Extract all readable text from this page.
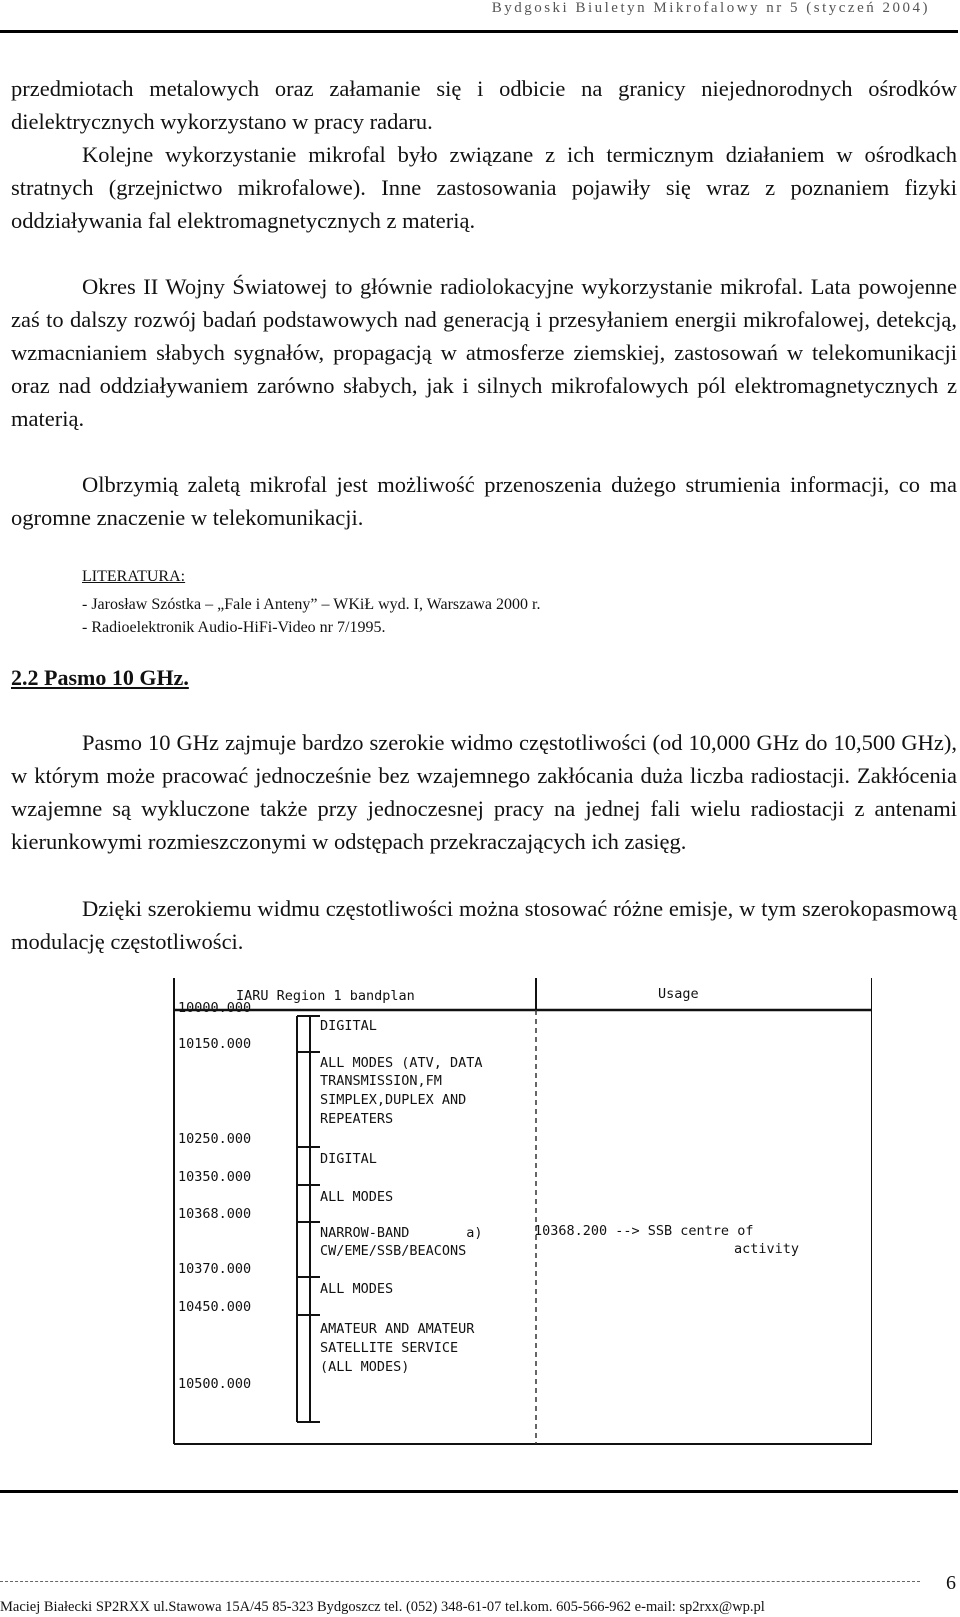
Bydgoski Biuletyn Mikrofalowy nr 5 (styczeń 2004)

przedmiotach metalowych oraz załamanie się i odbicie na granicy niejednorodnych ośrodków dielektrycznych wykorzystano w pracy radaru.

Kolejne wykorzystanie mikrofal było związane z ich termicznym działaniem w ośrodkach stratnych (grzejnictwo mikrofalowe). Inne zastosowania pojawiły się wraz z poznaniem fizyki oddziaływania fal elektromagnetycznych z materią.

Okres II Wojny Światowej to głównie radiolokacyjne wykorzystanie mikrofal. Lata powojenne zaś to dalszy rozwój badań podstawowych nad generacją i przesyłaniem energii mikrofalowej, detekcją, wzmacnianiem słabych sygnałów, propagacją w atmosferze ziemskiej, zastosowań w telekomunikacji oraz nad oddziaływaniem zarówno słabych, jak i silnych mikrofalowych pól elektromagnetycznych z materią.

Olbrzymią zaletą mikrofal jest możliwość przenoszenia dużego strumienia informacji, co ma ogromne znaczenie w telekomunikacji.

LITERATURA:
- Jarosław Szóstka – „Fale i Anteny” – WKiŁ wyd. I, Warszawa 2000 r.
- Radioelektronik Audio-HiFi-Video nr 7/1995.
2.2 Pasmo 10 GHz.

Pasmo 10 GHz zajmuje bardzo szerokie widmo częstotliwości (od 10,000 GHz do 10,500 GHz), w którym może pracować jednocześnie bez wzajemnego zakłócania duża liczba radiostacji. Zakłócenia wzajemne są wykluczone także przy jednoczesnej pracy na jednej fali wielu radiostacji z antenami kierunkowymi rozmieszczonymi w odstępach przekraczających ich zasięg.

Dzięki szerokiemu widmu częstotliwości można stosować różne emisje, w tym szerokopasmową modulację częstotliwości.

IARU Region 1 bandplan	Usage
10000.000
10150.000
10250.000
10350.000
10368.000
10370.000
10450.000
10500.000
DIGITAL
ALL MODES (ATV, DATA
TRANSMISSION,FM
SIMPLEX,DUPLEX AND
REPEATERS
DIGITAL
ALL MODES
NARROW-BAND       a)
CW/EME/SSB/BEACONS
ALL MODES
AMATEUR AND AMATEUR
SATELLITE SERVICE
(ALL MODES)
10368.200 --> SSB centre of
activity
Maciej Białecki SP2RXX ul.Stawowa 15A/45 85-323 Bydgoszcz tel. (052) 348-61-07 tel.kom. 605-566-962 e-mail: sp2rxx@wp.pl
6
